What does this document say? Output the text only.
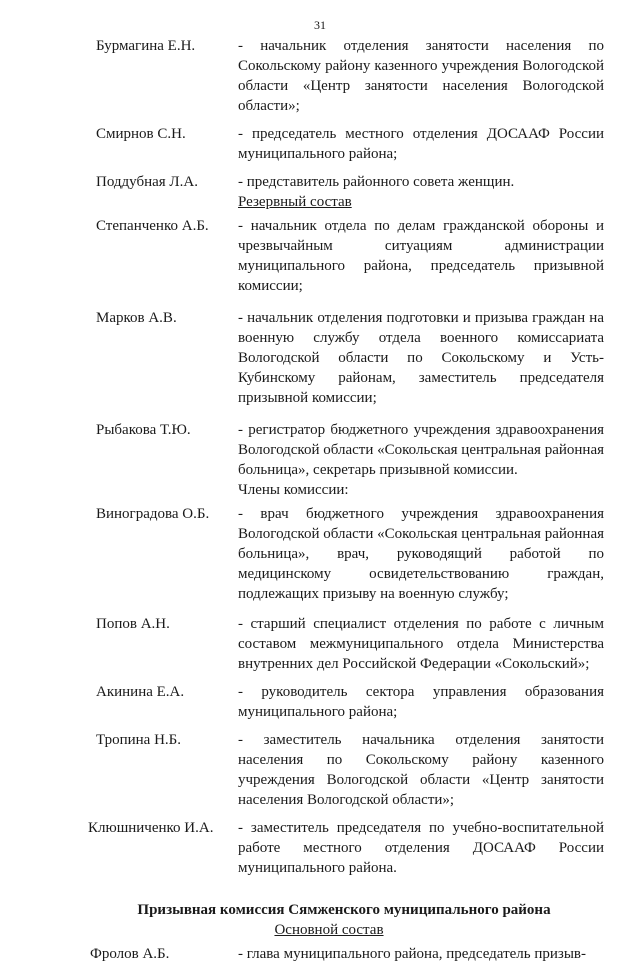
31
Бурмагина Е.Н.	- начальник отделения занятости населения по Сокольскому району казенного учреждения Вологодской области «Центр занятости населения Вологодской области»;
Смирнов С.Н.	- председатель местного отделения ДОСААФ России муниципального района;
Поддубная Л.А.	- представитель районного совета женщин.
Резервный состав
Степанченко А.Б. - начальник отдела по делам гражданской обороны и чрезвычайным ситуациям администрации муниципального района, председатель призывной комиссии;
Марков А.В.	- начальник отделения подготовки и призыва граждан на военную службу отдела военного комиссариата Вологодской области по Сокольскому и Усть-Кубинскому районам, заместитель председателя призывной комиссии;
Рыбакова Т.Ю.	- регистратор бюджетного учреждения здравоохранения Вологодской области «Сокольская центральная районная больница», секретарь призывной комиссии.
Члены комиссии:
Виноградова О.Б. - врач бюджетного учреждения здравоохранения Вологодской области «Сокольская центральная районная больница», врач, руководящий работой по медицинскому освидетельствованию граждан, подлежащих призыву на военную службу;
Попов А.Н.	- старший специалист отделения по работе с личным составом межмуниципального отдела Министерства внутренних дел Российской Федерации «Сокольский»;
Акинина Е.А.	- руководитель сектора управления образования муниципального района;
Тропина Н.Б.	- заместитель начальника отделения занятости населения по Сокольскому району казенного учреждения Вологодской области «Центр занятости населения Вологодской области»;
Клюшниченко И.А. - заместитель председателя по учебно-воспитательной работе местного отделения ДОСААФ России муниципального района.
Призывная комиссия Сямженского муниципального района
Основной состав
Фролов А.Б.	- глава муниципального района, председатель призыв-
